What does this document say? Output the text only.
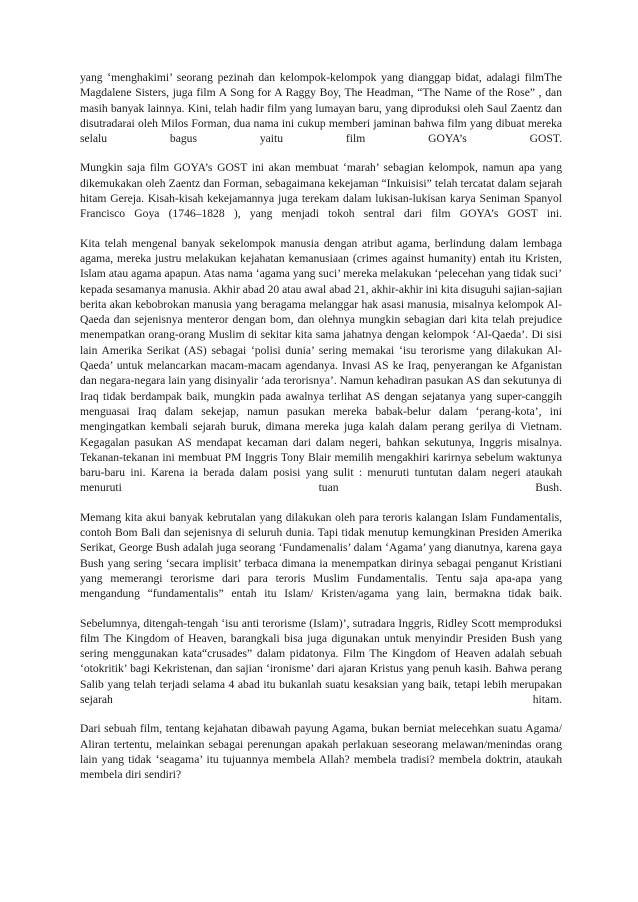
yang ‘menghakimi’ seorang pezinah dan kelompok-kelompok yang dianggap bidat, adalagi filmThe Magdalene Sisters, juga film A Song for A Raggy Boy, The Headman, “The Name of the Rose” , dan masih banyak lainnya. Kini, telah hadir film yang lumayan baru, yang diproduksi oleh Saul Zaentz dan disutradarai oleh Milos Forman, dua nama ini cukup memberi jaminan bahwa film yang dibuat mereka selalu bagus yaitu film GOYA’s GOST.

Mungkin saja film GOYA’s GOST ini akan membuat ‘marah’ sebagian kelompok, namun apa yang dikemukakan oleh Zaentz dan Forman, sebagaimana kekejaman “Inkuisisi” telah tercatat dalam sejarah hitam Gereja. Kisah-kisah kekejamannya juga terekam dalam lukisan-lukisan karya Seniman Spanyol Francisco Goya (1746–1828 ), yang menjadi tokoh sentral dari film GOYA’s GOST ini.

Kita telah mengenal banyak sekelompok manusia dengan atribut agama, berlindung dalam lembaga agama, mereka justru melakukan kejahatan kemanusiaan (crimes against humanity) entah itu Kristen, Islam atau agama apapun. Atas nama ‘agama yang suci’ mereka melakukan ‘pelecehan yang tidak suci’ kepada sesamanya manusia. Akhir abad 20 atau awal abad 21, akhir-akhir ini kita disuguhi sajian-sajian berita akan kebobrokan manusia yang beragama melanggar hak asasi manusia, misalnya kelompok Al-Qaeda dan sejenisnya menteror dengan bom, dan olehnya mungkin sebagian dari kita telah prejudice menempatkan orang-orang Muslim di sekitar kita sama jahatnya dengan kelompok ‘Al-Qaeda’. Di sisi lain Amerika Serikat (AS) sebagai ‘polisi dunia’ sering memakai ‘isu terorisme yang dilakukan Al-Qaeda’ untuk melancarkan macam-macam agendanya. Invasi AS ke Iraq, penyerangan ke Afganistan dan negara-negara lain yang disinyalir ‘ada terorisnya’. Namun kehadiran pasukan AS dan sekutunya di Iraq tidak berdampak baik, mungkin pada awalnya terlihat AS dengan sejatanya yang super-canggih menguasai Iraq dalam sekejap, namun pasukan mereka babak-belur dalam ‘perang-kota’, ini mengingatkan kembali sejarah buruk, dimana mereka juga kalah dalam perang gerilya di Vietnam. Kegagalan pasukan AS mendapat kecaman dari dalam negeri, bahkan sekutunya, Inggris misalnya. Tekanan-tekanan ini membuat PM Inggris Tony Blair memilih mengakhiri karirnya sebelum waktunya baru-baru ini. Karena ia berada dalam posisi yang sulit : menuruti tuntutan dalam negeri ataukah menuruti tuan Bush.

Memang kita akui banyak kebrutalan yang dilakukan oleh para teroris kalangan Islam Fundamentalis, contoh Bom Bali dan sejenisnya di seluruh dunia. Tapi tidak menutup kemungkinan Presiden Amerika Serikat, George Bush adalah juga seorang ‘Fundamenalis’ dalam ‘Agama’ yang dianutnya, karena gaya Bush yang sering ‘secara implisit’ terbaca dimana ia menempatkan dirinya sebagai penganut Kristiani yang memerangi terorisme dari para teroris Muslim Fundamentalis. Tentu saja apa-apa yang mengandung “fundamentalis” entah itu Islam/ Kristen/agama yang lain, bermakna tidak baik.

Sebelumnya, ditengah-tengah ‘isu anti terorisme (Islam)’, sutradara Inggris, Ridley Scott memproduksi film The Kingdom of Heaven, barangkali bisa juga digunakan untuk menyindir Presiden Bush yang sering menggunakan kata“crusades” dalam pidatonya. Film The Kingdom of Heaven adalah sebuah ‘otokritik’ bagi Kekristenan, dan sajian ‘ironisme’ dari ajaran Kristus yang penuh kasih. Bahwa perang Salib yang telah terjadi selama 4 abad itu bukanlah suatu kesaksian yang baik, tetapi lebih merupakan sejarah hitam.

Dari sebuah film, tentang kejahatan dibawah payung Agama, bukan berniat melecehkan suatu Agama/ Aliran tertentu, melainkan sebagai perenungan apakah perlakuan seseorang melawan/menindas orang lain yang tidak ‘seagama’ itu tujuannya membela Allah? membela tradisi? membela doktrin, ataukah membela diri sendiri?
